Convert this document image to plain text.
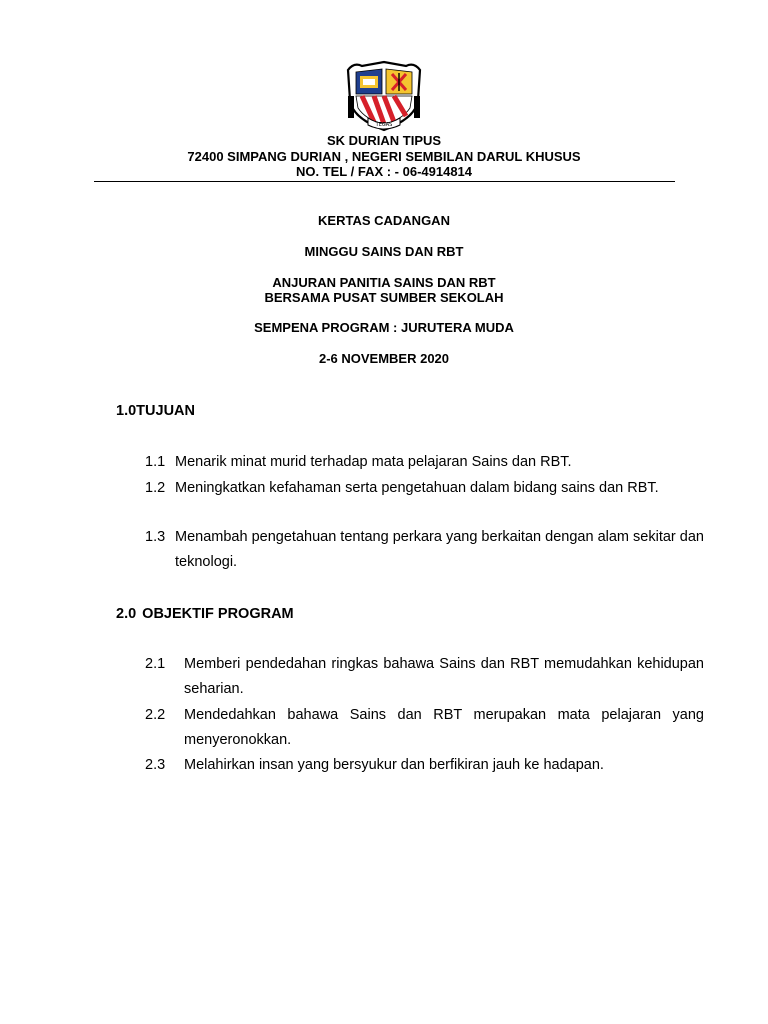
TEGAS
SK DURIAN TIPUS
72400 SIMPANG DURIAN , NEGERI SEMBILAN DARUL KHUSUS
NO. TEL / FAX : - 06-4914814
KERTAS CADANGAN
MINGGU SAINS DAN RBT
ANJURAN PANITIA SAINS DAN RBT
BERSAMA PUSAT SUMBER SEKOLAH
SEMPENA PROGRAM : JURUTERA MUDA
2-6 NOVEMBER 2020
1.0TUJUAN
1.1 Menarik minat murid terhadap mata pelajaran Sains dan RBT.
1.2 Meningkatkan kefahaman serta pengetahuan dalam bidang sains dan RBT.
1.3 Menambah pengetahuan tentang perkara yang berkaitan dengan alam sekitar dan teknologi.
2.0 OBJEKTIF PROGRAM
2.1 Memberi pendedahan ringkas bahawa Sains dan RBT memudahkan kehidupan seharian.
2.2 Mendedahkan bahawa Sains dan RBT merupakan mata pelajaran yang menyeronokkan.
2.3 Melahirkan insan yang bersyukur dan berfikiran jauh ke hadapan.
